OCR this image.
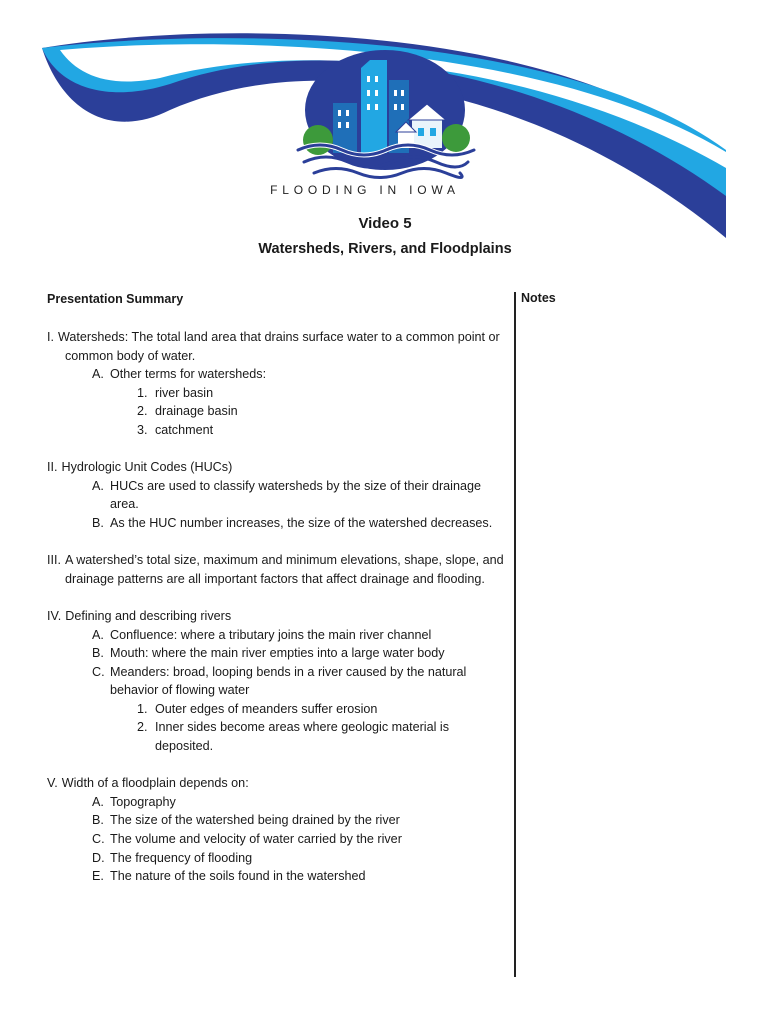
FLOODING IN IOWA
Video 5
Watersheds, Rivers, and Floodplains
Presentation Summary	Notes
I. Watersheds: The total land area that drains surface water to a common point or common body of water.
A. Other terms for watersheds:
1. river basin
2. drainage basin
3. catchment
II. Hydrologic Unit Codes (HUCs)
A. HUCs are used to classify watersheds by the size of their drainage area.
B. As the HUC number increases, the size of the watershed decreases.
III. A watershed’s total size, maximum and minimum elevations, shape, slope, and drainage patterns are all important factors that affect drainage and flooding.
IV. Defining and describing rivers
A. Confluence: where a tributary joins the main river channel
B. Mouth: where the main river empties into a large water body
C. Meanders: broad, looping bends in a river caused by the natural behavior of flowing water
1. Outer edges of meanders suffer erosion
2. Inner sides become areas where geologic material is deposited.
V. Width of a floodplain depends on:
A. Topography
B. The size of the watershed being drained by the river
C. The volume and velocity of water carried by the river
D. The frequency of flooding
E. The nature of the soils found in the watershed
